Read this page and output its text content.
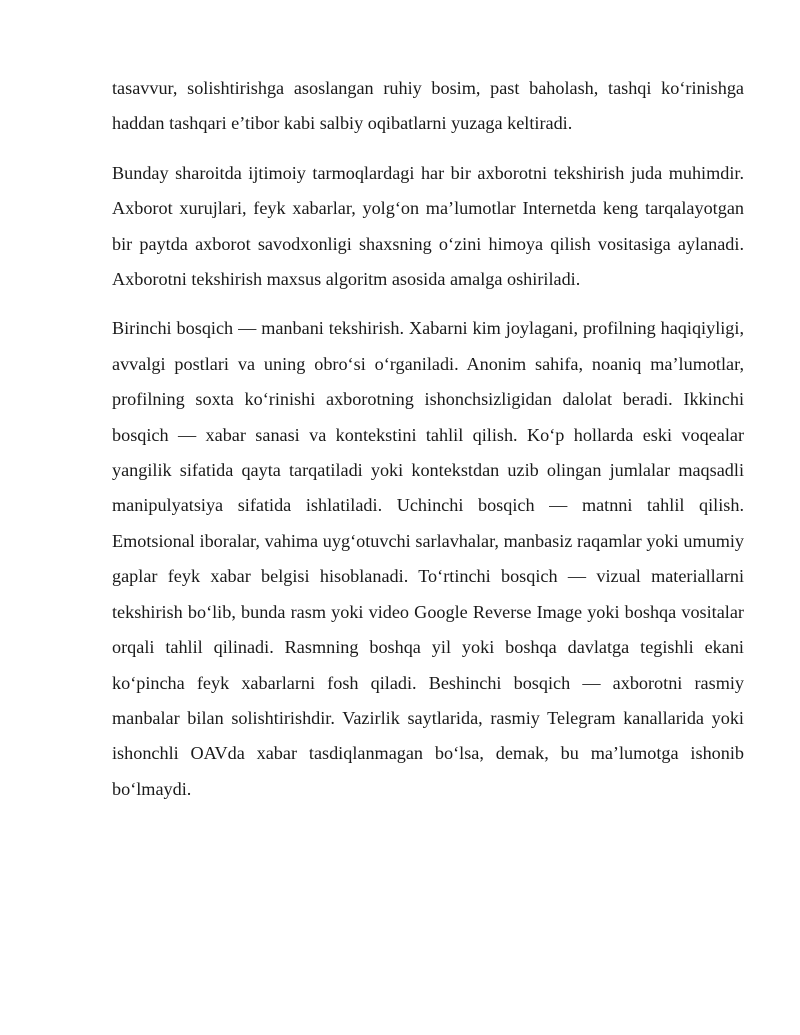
tasavvur, solishtirishga asoslangan ruhiy bosim, past baholash, tashqi ko‘rinishga haddan tashqari e’tibor kabi salbiy oqibatlarni yuzaga keltiradi.

Bunday sharoitda ijtimoiy tarmoqlardagi har bir axborotni tekshirish juda muhimdir. Axborot xurujlari, feyk xabarlar, yolg‘on ma’lumotlar Internetda keng tarqalayotgan bir paytda axborot savodxonligi shaxsning o‘zini himoya qilish vositasiga aylanadi. Axborotni tekshirish maxsus algoritm asosida amalga oshiriladi.

Birinchi bosqich — manbani tekshirish. Xabarni kim joylagani, profilning haqiqiyligi, avvalgi postlari va uning obro‘si o‘rganiladi. Anonim sahifa, noaniq ma’lumotlar, profilning soxta ko‘rinishi axborotning ishonchsizligidan dalolat beradi. Ikkinchi bosqich — xabar sanasi va kontekstini tahlil qilish. Ko‘p hollarda eski voqealar yangilik sifatida qayta tarqatiladi yoki kontekstdan uzib olingan jumlalar maqsadli manipulyatsiya sifatida ishlatiladi. Uchinchi bosqich — matnni tahlil qilish. Emotsional iboralar, vahima uyg‘otuvchi sarlavhalar, manbasiz raqamlar yoki umumiy gaplar feyk xabar belgisi hisoblanadi. To‘rtinchi bosqich — vizual materiallarni tekshirish bo‘lib, bunda rasm yoki video Google Reverse Image yoki boshqa vositalar orqali tahlil qilinadi. Rasmning boshqa yil yoki boshqa davlatga tegishli ekani ko‘pincha feyk xabarlarni fosh qiladi. Beshinchi bosqich — axborotni rasmiy manbalar bilan solishtirishdir. Vazirlik saytlarida, rasmiy Telegram kanallarida yoki ishonchli OAVda xabar tasdiqlanmagan bo‘lsa, demak, bu ma’lumotga ishonib bo‘lmaydi.
